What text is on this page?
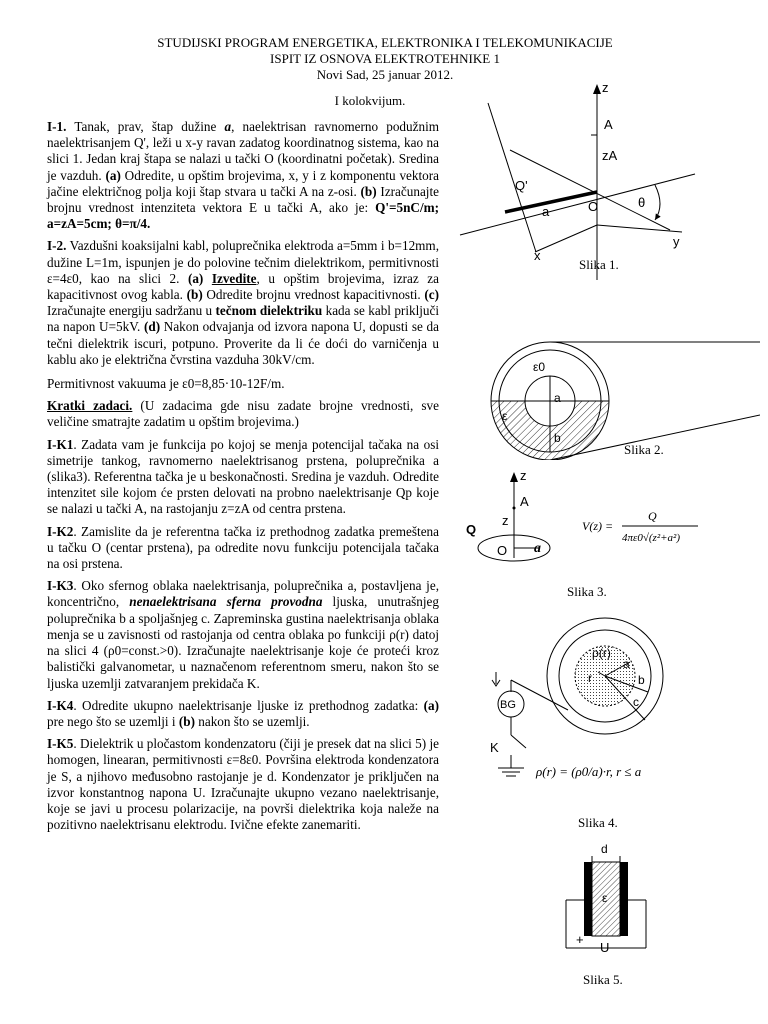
STUDIJSKI PROGRAM ENERGETIKA, ELEKTRONIKA I TELEKOMUNIKACIJE
ISPIT IZ OSNOVA ELEKTROTEHNIKE 1
Novi Sad, 25 januar 2012.
I kolokvijum.

I-1. Tanak, prav, štap dužine a, naelektrisan ravnomerno podužnim naelektrisanjem Q', leži u x-y ravan zadatog koordinatnog sistema, kao na slici 1. Jedan kraj štapa se nalazi u tački O (koordinatni početak). Sredina je vazduh. (a) Odredite, u opštim brojevima, x, y i z komponentu vektora jačine električnog polja koji štap stvara u tački A na z-osi. (b) Izračunajte brojnu vrednost intenziteta vektora E u tački A, ako je: Q'=5nC/m; a=zA=5cm; θ=π/4.

I-2. Vazdušni koaksijalni kabl, poluprečnika elektroda a=5mm i b=12mm, dužine L=1m, ispunjen je do polovine tečnim dielektrikom, permitivnosti ε=4ε0, kao na slici 2. (a) Izvedite, u opštim brojevima, izraz za kapacitivnost ovog kabla. (b) Odredite brojnu vrednost kapacitivnosti. (c) Izračunajte energiju sadržanu u tečnom dielektriku kada se kabl priključi na napon U=5kV. (d) Nakon odvajanja od izvora napona U, dopusti se da tečni dielektrik iscuri, potpuno. Proverite da li će doći do varničenja u kablu ako je električna čvrstina vazduha 30kV/cm.

Permitivnost vakuuma je ε0=8,85·10-12F/m.

Kratki zadaci. (U zadacima gde nisu zadate brojne vrednosti, sve veličine smatrajte zadatim u opštim brojevima.)

I-K1. Zadata vam je funkcija po kojoj se menja potencijal tačaka na osi simetrije tankog, ravnomerno naelektrisanog prstena, poluprečnika a (slika3). Referentna tačka je u beskonačnosti. Sredina je vazduh. Odredite intenzitet sile kojom će prsten delovati na probno naelektrisanje Qp koje se nalazi u tački A, na rastojanju z=zA od centra prstena.

I-K2. Zamislite da je referentna tačka iz prethodnog zadatka premeštena u tačku O (centar prstena), pa odredite novu funkciju potencijala tačaka na osi prstena.

I-K3. Oko sfernog oblaka naelektrisanja, poluprečnika a, postavljena je, koncentrično, nenaelektrisana sferna provodna ljuska, unutrašnjeg poluprečnika b a spoljašnjeg c. Zapreminska gustina naelektrisanja oblaka menja se u zavisnosti od rastojanja od centra oblaka po funkciji ρ(r) datoj na slici 4 (ρ0=const.>0). Izračunajte naelektrisanje koje će proteći kroz balistički galvanometar, u naznačenom referentnom smeru, nakon što se ljuska uzemlji zatvaranjem prekidača K.

I-K4. Odredite ukupno naelektrisanje ljuske iz prethodnog zadatka: (a) pre nego što se uzemlji i (b) nakon što se uzemlji.

I-K5. Dielektrik u pločastom kondenzatoru (čiji je presek dat na slici 5) je homogen, linearan, permitivnosti ε=8ε0. Površina elektroda kondenzatora je S, a njihovo međusobno rastojanje je d. Kondenzator je priključen na izvor konstantnog napona U. Izračunajte ukupno vezano naelektrisanje, koje se javi u procesu polarizacije, na površi dielektrika koja naleže na pozitivno naelektrisanu elektrodu. Ivične efekte zanemariti.

z
A
zA
Q'
a	O	θ
y
x
Slika 1.
ε0
a
b
ε
Slika 2.
z
A
z
Q
O a
V(z) =
Q
4πε0√(z²+a²)
Slika 3.
ρ(r)
a
b
c
r
BG
K
ρ(r) = (ρ0/a)·r, r ≤ a
Slika 4.
d
ε
+
U
Slika 5.
